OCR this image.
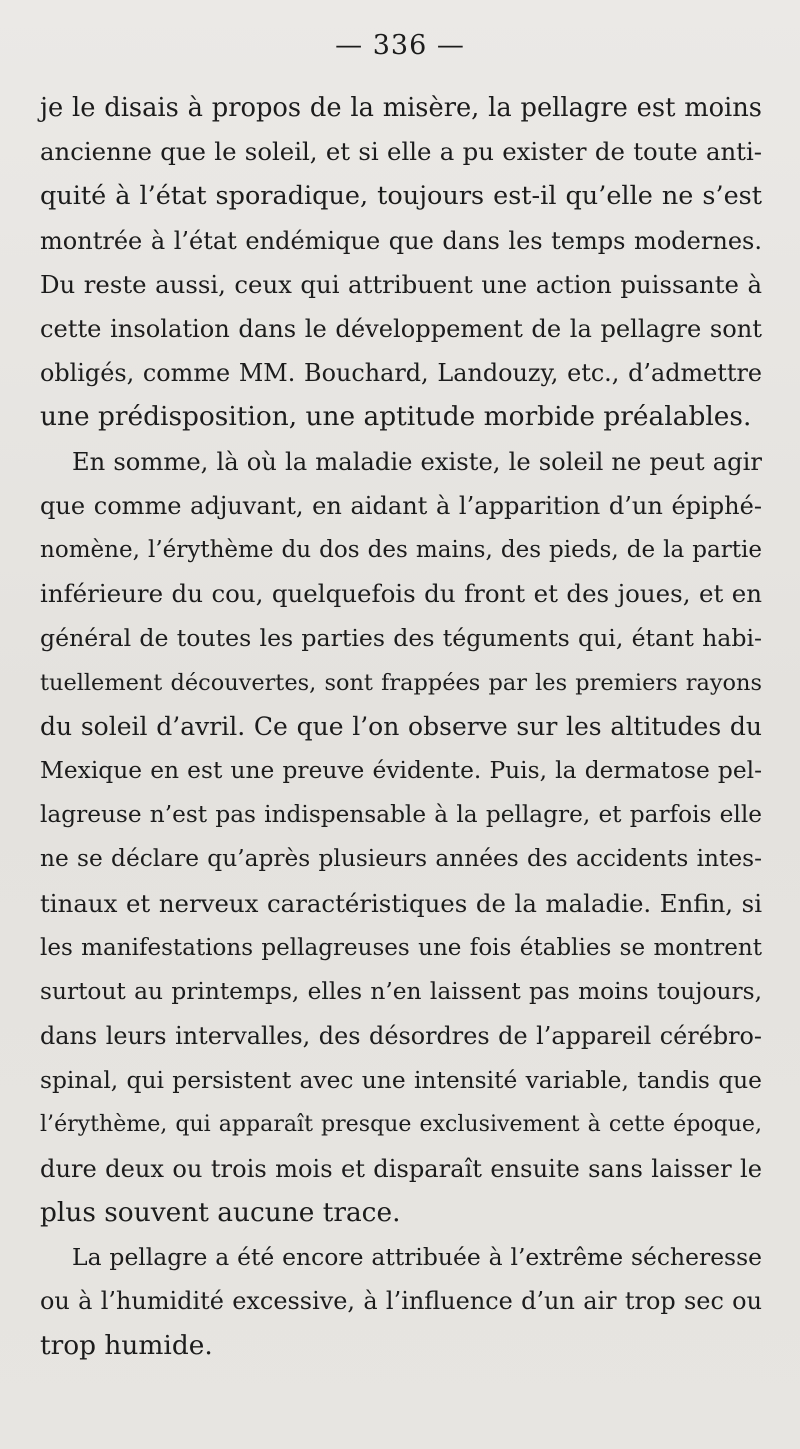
— 336 —
je le disais à propos de la misère, la pellagre est moins
ancienne que le soleil, et si elle a pu exister de toute anti-
quité à l’état sporadique, toujours est-il qu’elle ne s’est
montrée à l’état endémique que dans les temps modernes.
Du reste aussi, ceux qui attribuent une action puissante à
cette insolation dans le développement de la pellagre sont
obligés, comme MM. Bouchard, Landouzy, etc., d’admettre
une prédisposition, une aptitude morbide préalables.
En somme, là où la maladie existe, le soleil ne peut agir
que comme adjuvant, en aidant à l’apparition d’un épiphé-
nomène, l’érythème du dos des mains, des pieds, de la partie
inférieure du cou, quelquefois du front et des joues, et en
général de toutes les parties des téguments qui, étant habi-
tuellement découvertes, sont frappées par les premiers rayons
du soleil d’avril. Ce que l’on observe sur les altitudes du
Mexique en est une preuve évidente. Puis, la dermatose pel-
lagreuse n’est pas indispensable à la pellagre, et parfois elle
ne se déclare qu’après plusieurs années des accidents intes-
tinaux et nerveux caractéristiques de la maladie. Enfin, si
les manifestations pellagreuses une fois établies se montrent
surtout au printemps, elles n’en laissent pas moins toujours,
dans leurs intervalles, des désordres de l’appareil cérébro-
spinal, qui persistent avec une intensité variable, tandis que
l’érythème, qui apparaît presque exclusivement à cette époque,
dure deux ou trois mois et disparaît ensuite sans laisser le
plus souvent aucune trace.
La pellagre a été encore attribuée à l’extrême sécheresse
ou à l’humidité excessive, à l’influence d’un air trop sec ou
trop humide.
